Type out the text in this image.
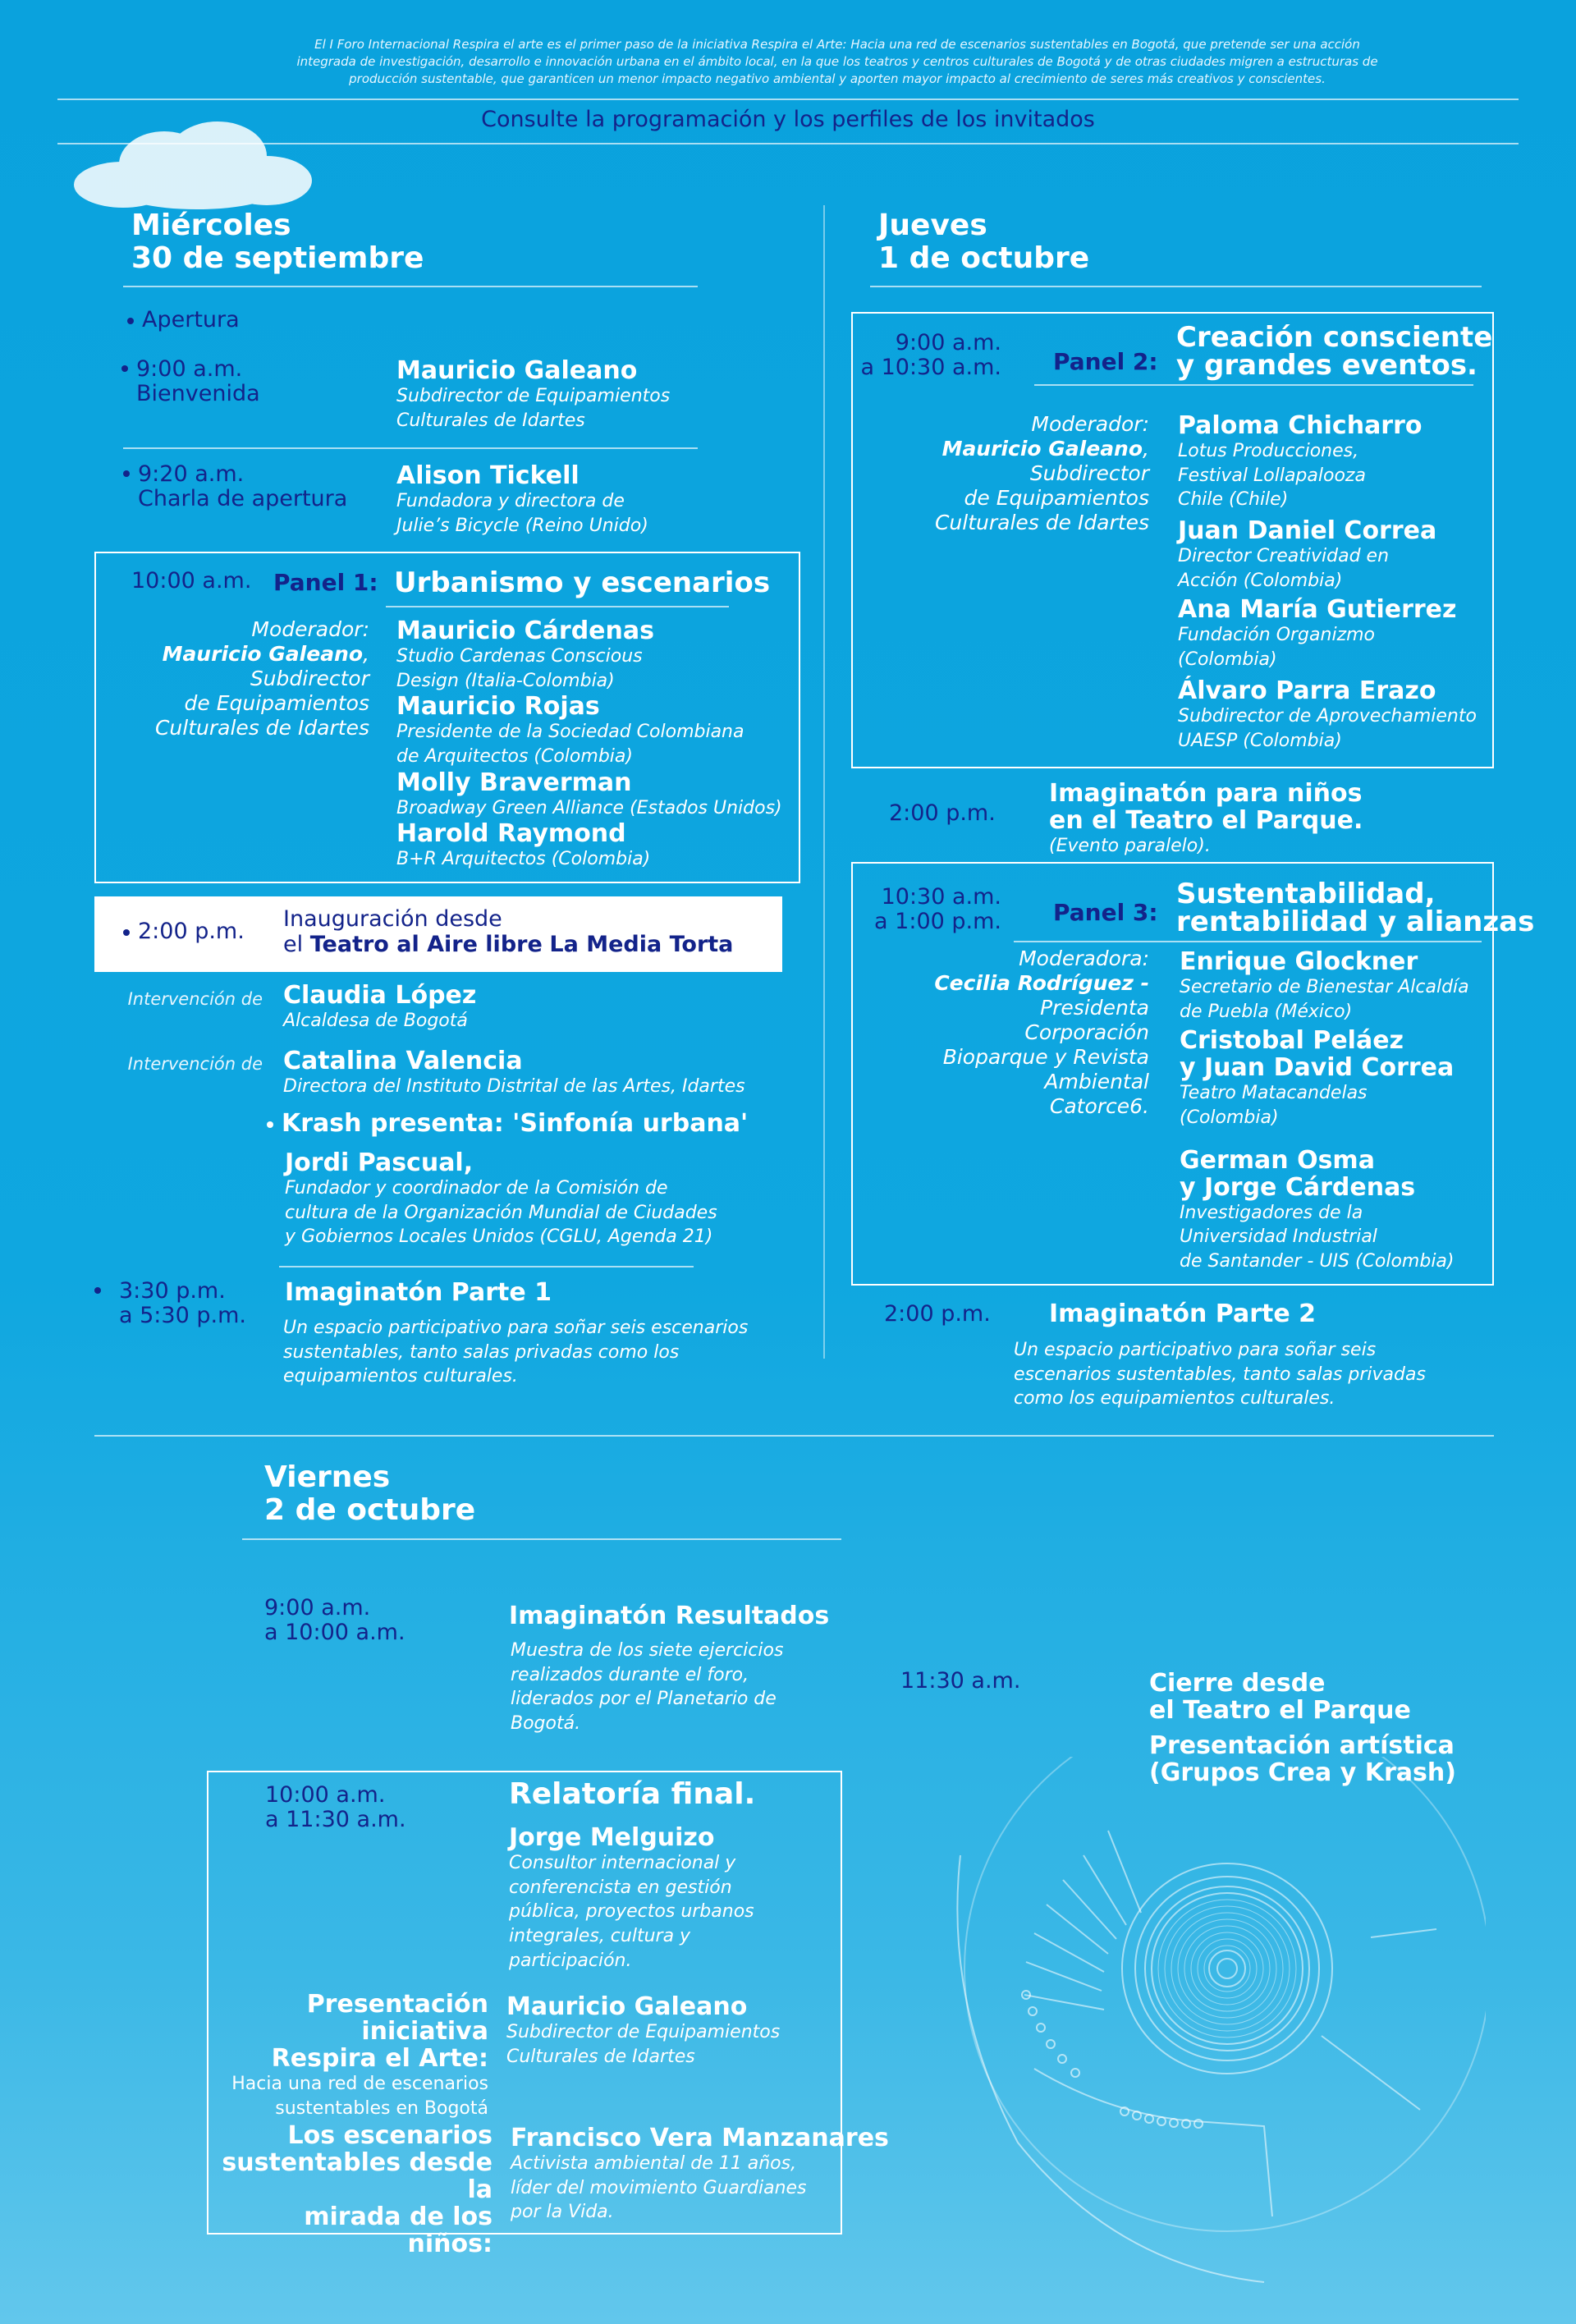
El I Foro Internacional Respira el arte es el primer paso de la iniciativa Respira el Arte: Hacia una red de escenarios sustentables en Bogotá, que pretende ser una acción integrada de investigación, desarrollo e innovación urbana en el ámbito local, en la que los teatros y centros culturales de Bogotá y de otras ciudades migren a estructuras de producción sustentable, que garanticen un menor impacto negativo ambiental y aporten mayor impacto al crecimiento de seres más creativos y conscientes.
Consulte la programación y los perfiles de los invitados
Miércoles
30 de septiembre
Apertura
9:00 a.m.
Bienvenida
Mauricio Galeano
Subdirector de Equipamientos
Culturales de Idartes
9:20 a.m.
Charla de apertura
Alison Tickell
Fundadora y directora de
Julie’s Bicycle (Reino Unido)
10:00 a.m. Panel 1: Urbanismo y escenarios
Moderador:
Mauricio Galeano,
Subdirector
de Equipamientos
Culturales de Idartes
Mauricio Cárdenas
Studio Cardenas Conscious
Design (Italia-Colombia)
Mauricio Rojas
Presidente de la Sociedad Colombiana
de Arquitectos (Colombia)
Molly Braverman
Broadway Green Alliance (Estados Unidos)
Harold Raymond
B+R Arquitectos (Colombia)
2:00 p.m. Inauguración desde
el Teatro al Aire libre La Media Torta
Intervención de Claudia López
Alcaldesa de Bogotá
Intervención de Catalina Valencia
Directora del Instituto Distrital de las Artes, Idartes
Krash presenta: 'Sinfonía urbana'
Jordi Pascual,
Fundador y coordinador de la Comisión de
cultura de la Organización Mundial de Ciudades
y Gobiernos Locales Unidos (CGLU, Agenda 21)
3:30 p.m.
a 5:30 p.m.
Imaginatón Parte 1
Un espacio participativo para soñar seis escenarios
sustentables, tanto salas privadas como los
equipamientos culturales.
Jueves
1 de octubre
9:00 a.m.
a 10:30 a.m. Panel 2:
Creación consciente
y grandes eventos.
Moderador:
Mauricio Galeano,
Subdirector
de Equipamientos
Culturales de Idartes
Paloma Chicharro
Lotus Producciones,
Festival Lollapalooza
Chile (Chile)
Juan Daniel Correa
Director Creatividad en
Acción (Colombia)
Ana María Gutierrez
Fundación Organizmo
(Colombia)
Álvaro Parra Erazo
Subdirector de Aprovechamiento
UAESP (Colombia)
2:00 p.m.
Imaginatón para niños
en el Teatro el Parque.
(Evento paralelo).
10:30 a.m.
a 1:00 p.m. Panel 3:
Sustentabilidad,
rentabilidad y alianzas
Moderadora:
Cecilia Rodríguez -
Presidenta
Corporación
Bioparque y Revista
Ambiental
Catorce6.
Enrique Glockner
Secretario de Bienestar Alcaldía
de Puebla (México)
Cristobal Peláez
y Juan David Correa
Teatro Matacandelas
(Colombia)
German Osma
y Jorge Cárdenas
Investigadores de la
Universidad Industrial
de Santander - UIS (Colombia)
2:00 p.m. Imaginatón Parte 2
Un espacio participativo para soñar seis
escenarios sustentables, tanto salas privadas
como los equipamientos culturales.
Viernes
2 de octubre
9:00 a.m.
a 10:00 a.m.
Imaginatón Resultados
Muestra de los siete ejercicios
realizados durante el foro,
liderados por el Planetario de
Bogotá.
10:00 a.m.
a 11:30 a.m.
Relatoría final.
Jorge Melguizo
Consultor internacional y
conferencista en gestión
pública, proyectos urbanos
integrales, cultura y
participación.
Presentación iniciativa
Respira el Arte:
Hacia una red de escenarios
sustentables en Bogotá
Mauricio Galeano
Subdirector de Equipamientos
Culturales de Idartes
Los escenarios
sustentables desde la
mirada de los niños:
Francisco Vera Manzanares
Activista ambiental de 11 años,
líder del movimiento Guardianes
por la Vida.
11:30 a.m.	Cierre desde
el Teatro el Parque
Presentación artística
(Grupos Crea y Krash)
